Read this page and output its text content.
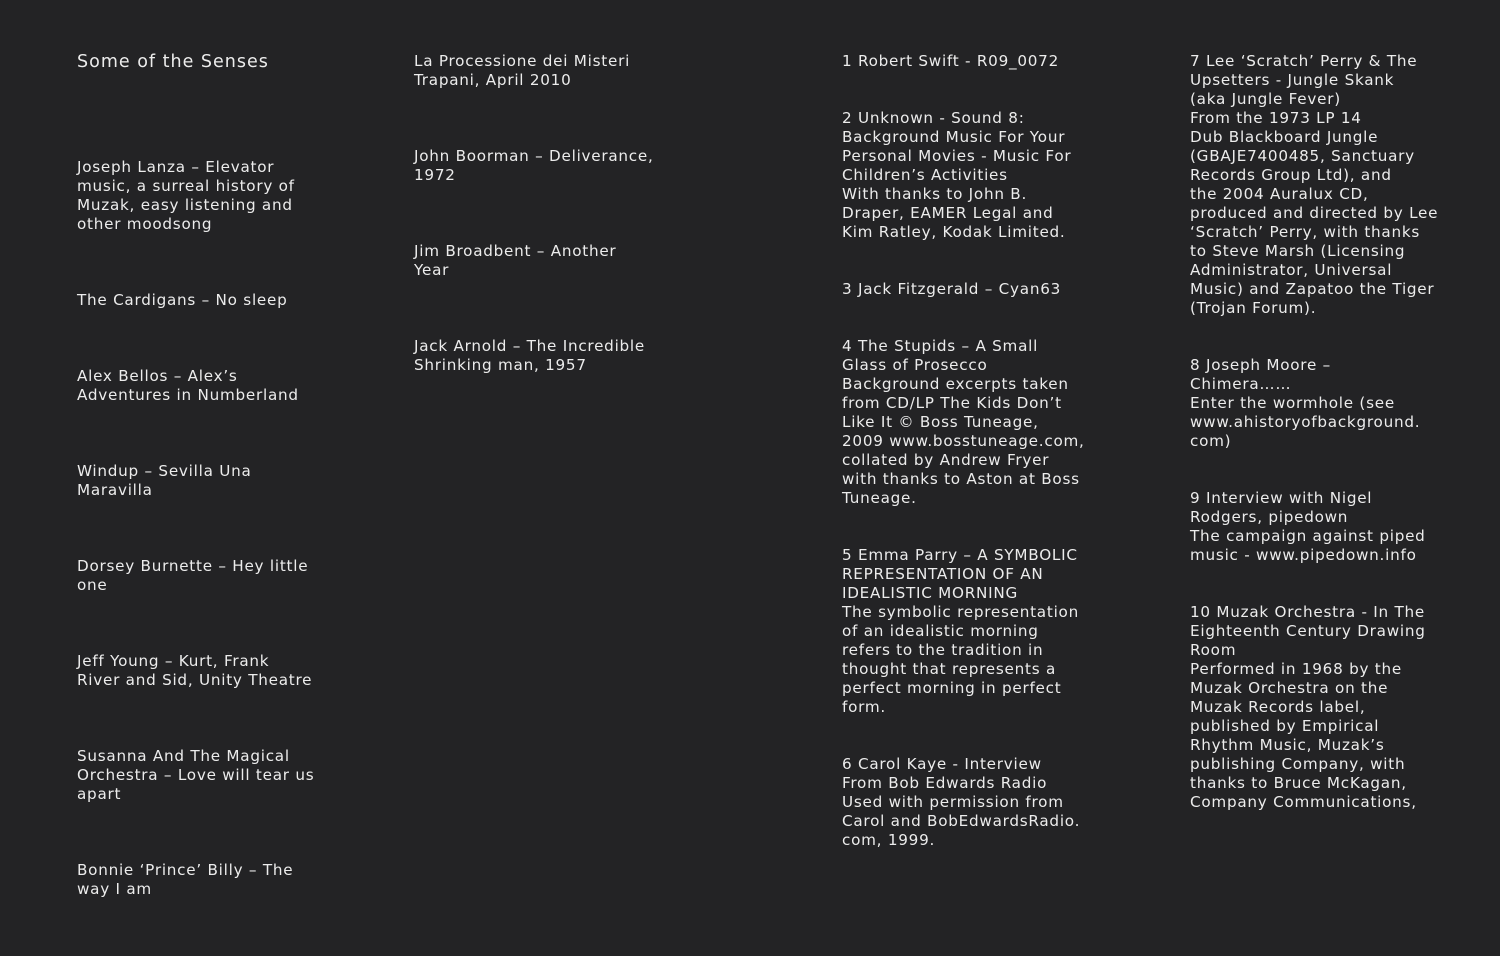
Some of the Senses

Joseph Lanza – Elevator
music, a surreal history of
Muzak, easy listening and
other moodsong

The Cardigans – No sleep

Alex Bellos – Alex’s
Adventures in Numberland

Windup – Sevilla Una
Maravilla

Dorsey Burnette – Hey little
one

Jeff Young – Kurt, Frank
River and Sid, Unity Theatre

Susanna And The Magical
Orchestra – Love will tear us
apart

Bonnie ‘Prince’ Billy – The
way I am

La Processione dei Misteri
Trapani, April 2010

John Boorman – Deliverance,
1972

Jim Broadbent – Another
Year

Jack Arnold – The Incredible
Shrinking man, 1957

1 Robert Swift - R09_0072

2 Unknown - Sound 8:
Background Music For Your
Personal Movies - Music For
Children’s Activities
With thanks to John B.
Draper, EAMER Legal and
Kim Ratley, Kodak Limited.

3 Jack Fitzgerald – Cyan63

4 The Stupids – A Small
Glass of Prosecco
Background excerpts taken
from CD/LP The Kids Don’t
Like It © Boss Tuneage,
2009 www.bosstuneage.com,
collated by Andrew Fryer
with thanks to Aston at Boss
Tuneage.

5 Emma Parry – A SYMBOLIC
REPRESENTATION OF AN
IDEALISTIC MORNING
The symbolic representation
of an idealistic morning
refers to the tradition in
thought that represents a
perfect morning in perfect
form.

6 Carol Kaye - Interview
From Bob Edwards Radio
Used with permission from
Carol and BobEdwardsRadio.
com, 1999.

7 Lee ‘Scratch’ Perry & The
Upsetters - Jungle Skank
(aka Jungle Fever)
From the 1973 LP 14
Dub Blackboard Jungle
(GBAJE7400485, Sanctuary
Records Group Ltd), and
the 2004 Auralux CD,
produced and directed by Lee
‘Scratch’ Perry, with thanks
to Steve Marsh (Licensing
Administrator, Universal
Music) and Zapatoo the Tiger
(Trojan Forum).

8 Joseph Moore –
Chimera……
Enter the wormhole (see
www.ahistoryofbackground.
com)

9 Interview with Nigel
Rodgers, pipedown
The campaign against piped
music - www.pipedown.info

10 Muzak Orchestra - In The
Eighteenth Century Drawing
Room
Performed in 1968 by the
Muzak Orchestra on the
Muzak Records label,
published by Empirical
Rhythm Music, Muzak’s
publishing Company, with
thanks to Bruce McKagan,
Company Communications,
